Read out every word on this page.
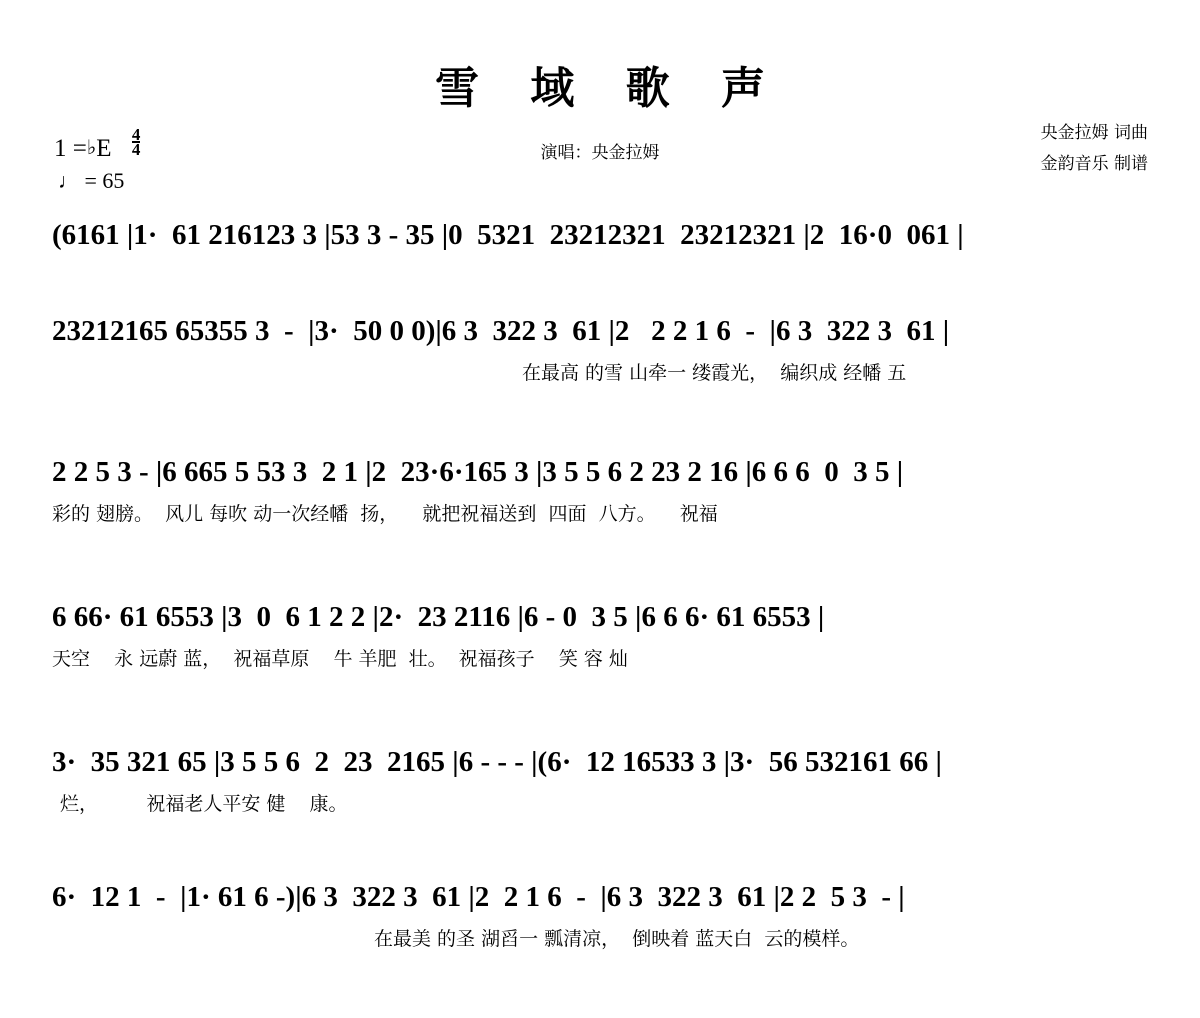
雪 域 歌 声
演唱：央金拉姆
央金拉姆 词曲
金韵音乐 制谱
1 =♭E $\frac{4}{4}$
♩ = 65
(6161 |1·  61 216123 3 |53 3 - 35 |0  5321  23212321  23212321 |2  16·0  061 |
23212165 65355 3  -  |3·  50 0 0)|6 3  322 3  61 |2   2 2 1 6  -  |6 3  322 3  61 |
在最高 的雪 山牵一 缕霞光，  编织成 经幡 五
2 2 5 3 - |6 665 5 53 3  2 1 |2  23·6·165 3 |3 5 5 6 2 23 2 16 |6 6 6  0  3 5 |
彩的 翅膀。  风儿 每吹 动一次经幡  扬，    就把祝福送到  四面  八方。    祝福
6 66· 61 6553 |3  0  6 1 2 2 |2·  23 2116 |6 - 0  3 5 |6 6 6· 61 6553 |
天空    永 远蔚 蓝，  祝福草原    牛 羊肥  壮。  祝福孩子    笑 容 灿
3·  35 321 65 |3 5 5 6  2  23  2165 |6 - - - |(6·  12 16533 3 |3·  56 532161 66 |
烂，        祝福老人平安 健    康。
6·  12 1  -  |1· 61 6 -)|6 3  322 3  61 |2  2 1 6  -  |6 3  322 3  61 |2 2  5 3  - |
在最美 的圣 湖舀一 瓢清凉，  倒映着 蓝天白  云的模样。
